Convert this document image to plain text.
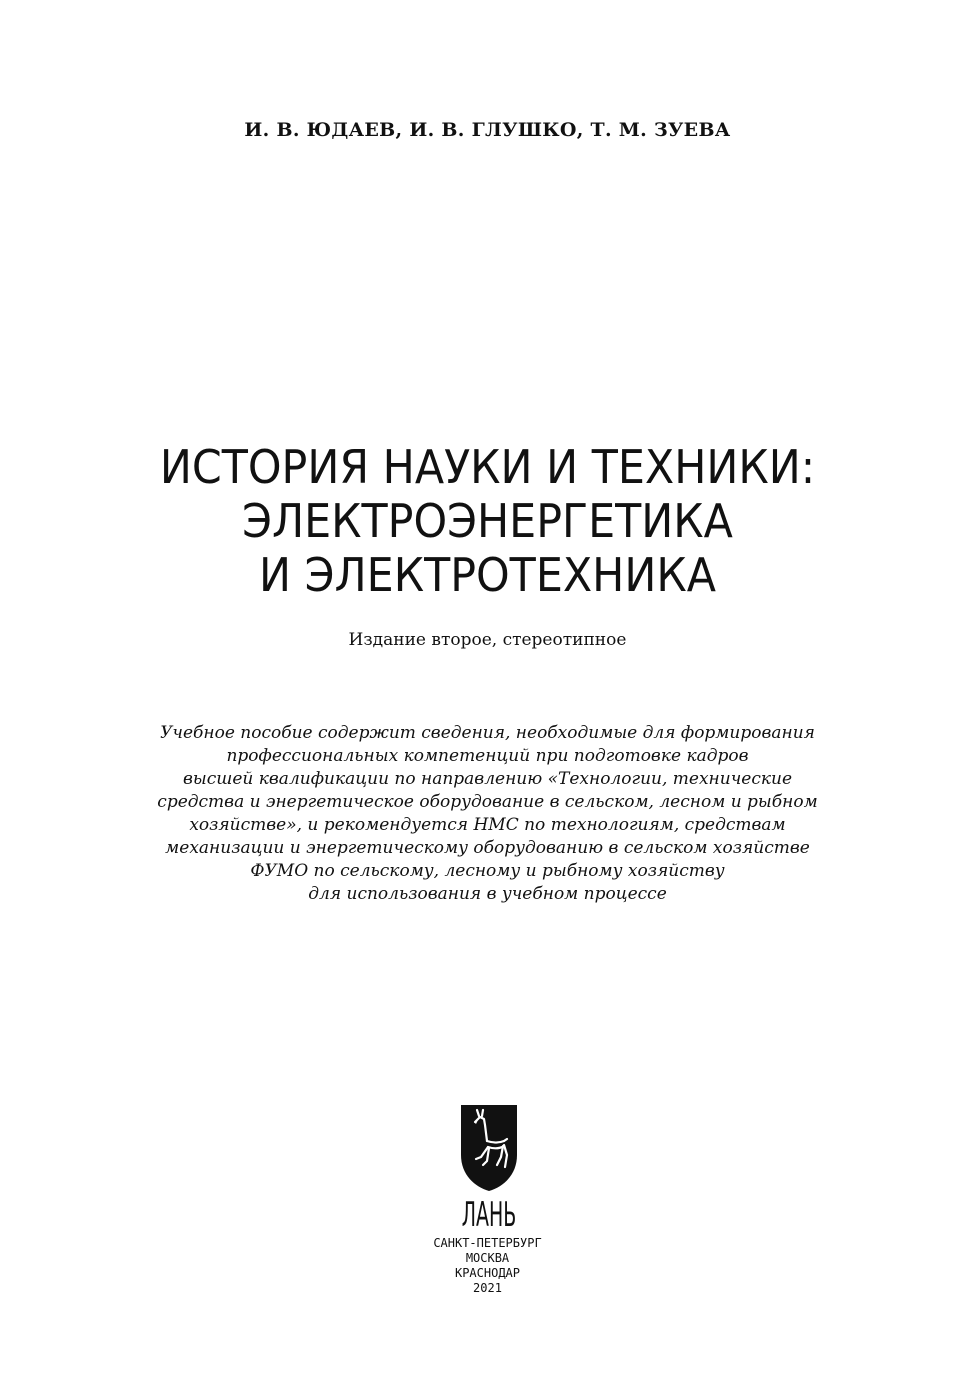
И. В. ЮДАЕВ, И. В. ГЛУШКО, Т. М. ЗУЕВА
ИСТОРИЯ НАУКИ И ТЕХНИКИ:
ЭЛЕКТРОЭНЕРГЕТИКА
И ЭЛЕКТРОТЕХНИКА
Издание второе, стереотипное
Учебное пособие содержит сведения, необходимые для формирования
профессиональных компетенций при подготовке кадров
высшей квалификации по направлению «Технологии, технические
средства и энергетическое оборудование в сельском, лесном и рыбном
хозяйстве», и рекомендуется НМС по технологиям, средствам
механизации и энергетическому оборудованию в сельском хозяйстве
ФУМО по сельскому, лесному и рыбному хозяйству
для использования в учебном процессе
ЛАНЬ
САНКТ-ПЕТЕРБУРГ
МОСКВА
КРАСНОДАР
2021
